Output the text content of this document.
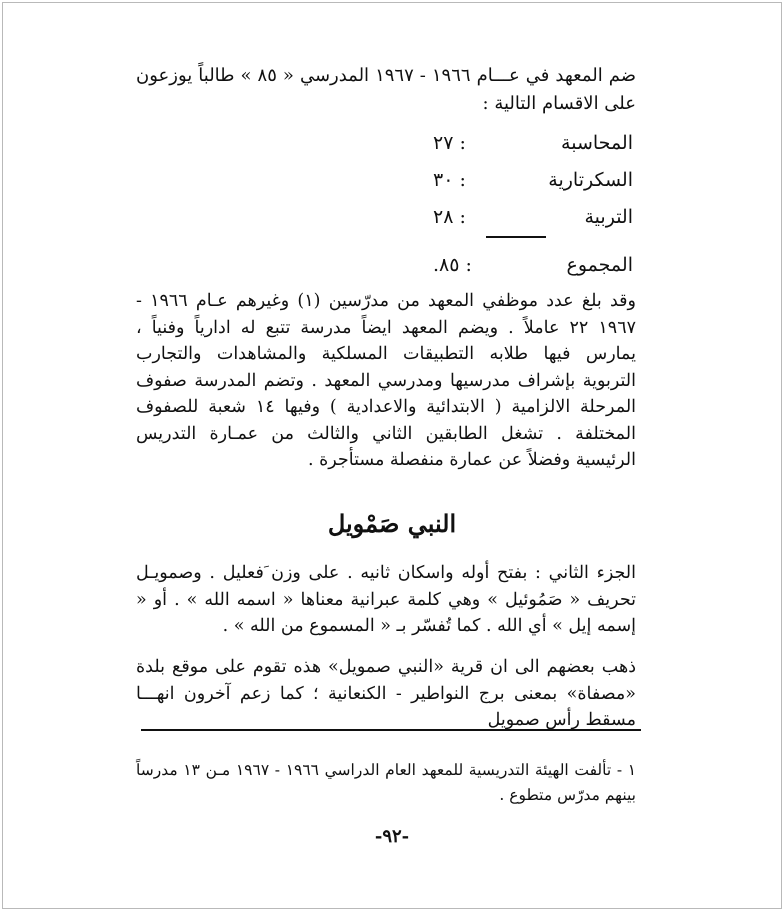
ضم المعهد في عـــام ١٩٦٦ - ١٩٦٧ المدرسي « ٨٥ » طالباً يوزعون على الاقسام التالية :
المحاسبة
: ٢٧
السكرتارية
: ٣٠
التربية
: ٢٨
المجموع
: ٨٥.
وقد بلغ عدد موظفي المعهد من مدرّسين (١) وغيرهم عـام ١٩٦٦ - ١٩٦٧ ٢٢ عاملاً . ويضم المعهد ايضاً مدرسة تتبع له ادارياً وفنياً ، يمارس فيها طلابه التطبيقات المسلكية والمشاهدات والتجارب التربوية بإشراف مدرسيها ومدرسي المعهد . وتضم المدرسة صفوف المرحلة الالزامية ( الابتدائية والاعدادية ) وفيها ١٤ شعبة للصفوف المختلفة . تشغل الطابقين الثاني والثالث من عمـارة التدريس الرئيسية وفضلاً عن عمارة منفصلة مستأجرة .
النبي صَمْويل
الجزء الثاني : بفتح أوله واسكان ثانيه . على وزن َفعليل . وصمويـل تحريف « صَمُوئيل » وهي كلمة عبرانية معناها « اسمه الله » . أو « إسمه إيل » أي الله . كما تُفسّر بـ « المسموع من الله » .
ذهب بعضهم الى ان قرية «النبي صمويل» هذه تقوم على موقع بلدة «مصفاة» بمعنى برج النواطير - الكنعانية ؛ كما زعم آخرون انهـــا مسقط رأس صمويل
١ - تألفت الهيئة التدريسية للمعهد العام الدراسي ١٩٦٦ - ١٩٦٧ مـن ١٣ مدرساً بينهم مدرّس متطوع .
-٩٢-
